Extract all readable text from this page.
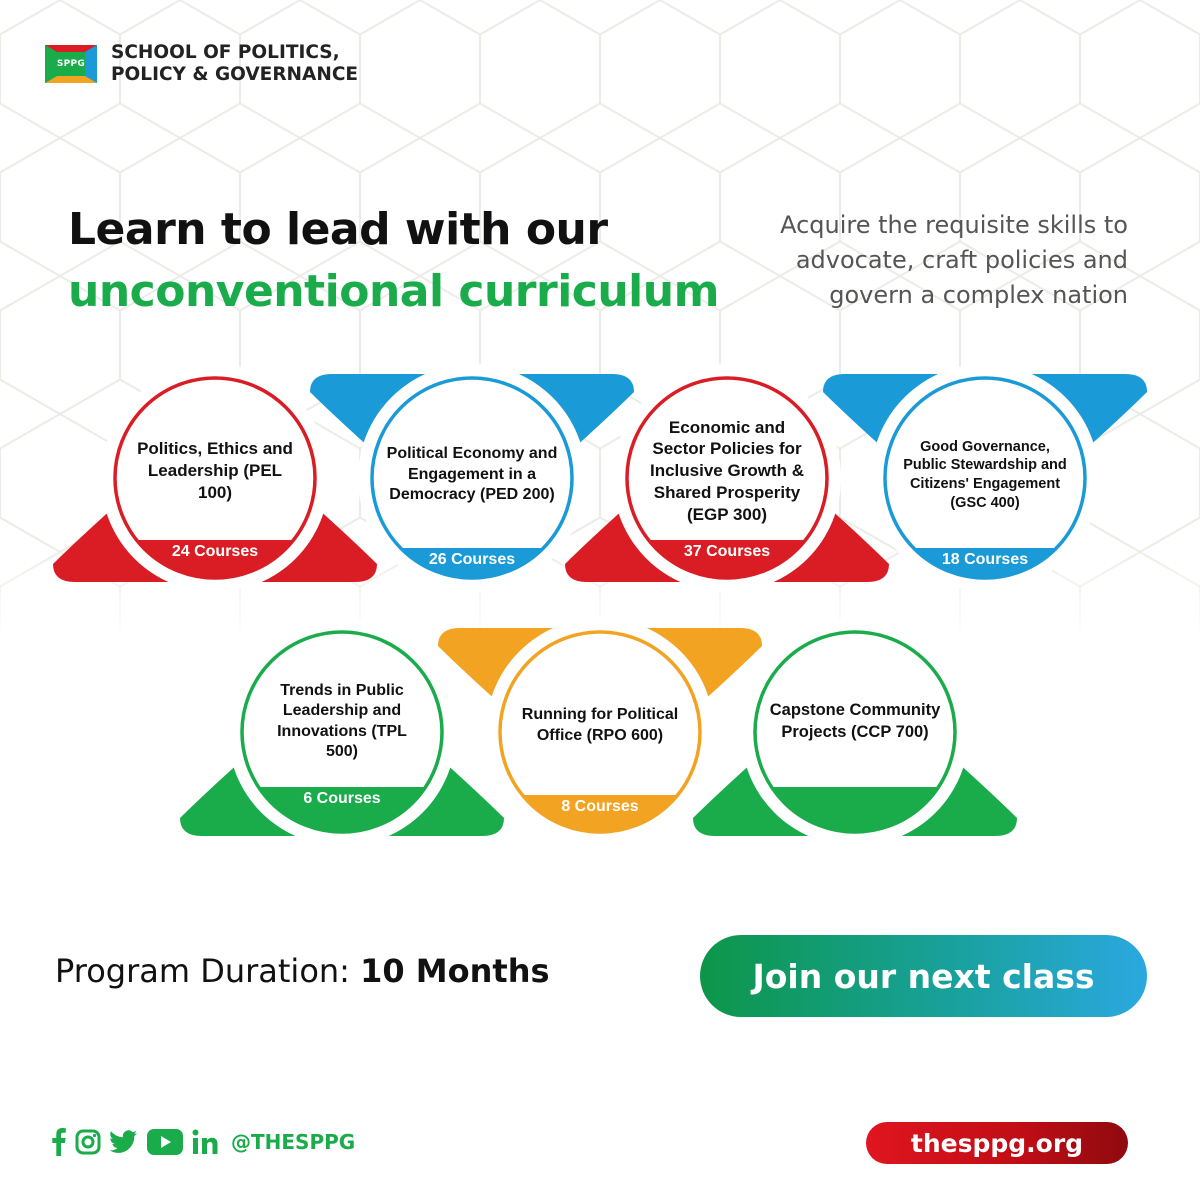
SPPG
SCHOOL OF POLITICS,
POLICY & GOVERNANCE
Learn to lead with our
unconventional curriculum
Acquire the requisite skills to
advocate, craft policies and
govern a complex nation
Politics, Ethics and Leadership (PEL 100)
Political Economy and Engagement in a Democracy (PED 200)
Economic and Sector Policies for Inclusive Growth & Shared Prosperity (EGP 300)
Good Governance, Public Stewardship and Citizens' Engagement (GSC 400)
Trends in Public Leadership and Innovations (TPL 500)
Running for Political Office (RPO 600)
Capstone Community Projects (CCP 700)
24 Courses	26 Courses	37 Courses	18 Courses
6 Courses	8 Courses
Program Duration: 10 Months	Join our next class
@THESPPG	thesppg.org
